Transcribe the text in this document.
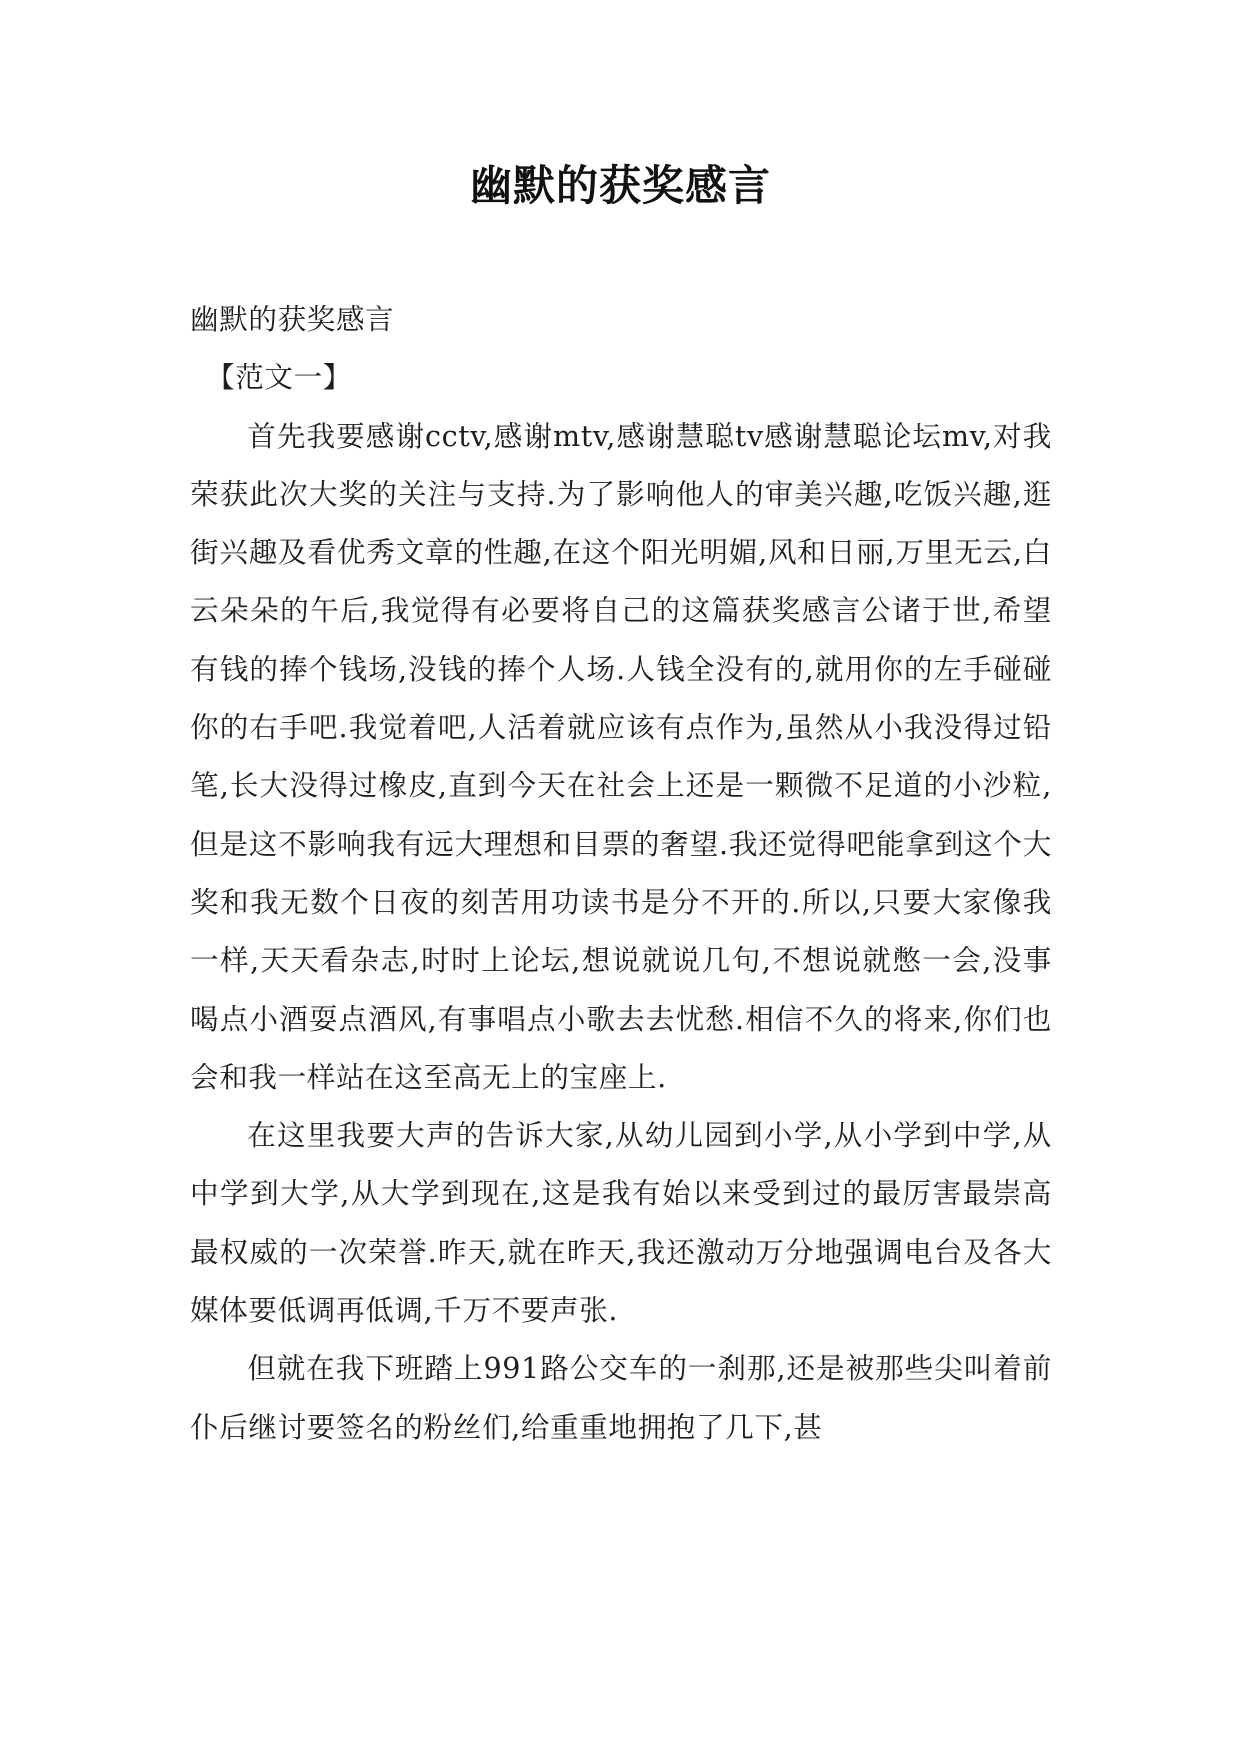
幽默的获奖感言

幽默的获奖感言

【范文一】

首先我要感谢cctv,感谢mtv,感谢慧聪tv感谢慧聪论坛mv,对我荣获此次大奖的关注与支持.为了影响他人的审美兴趣,吃饭兴趣,逛街兴趣及看优秀文章的性趣,在这个阳光明媚,风和日丽,万里无云,白云朵朵的午后,我觉得有必要将自己的这篇获奖感言公诸于世,希望有钱的捧个钱场,没钱的捧个人场.人钱全没有的,就用你的左手碰碰你的右手吧.我觉着吧,人活着就应该有点作为,虽然从小我没得过铅笔,长大没得过橡皮,直到今天在社会上还是一颗微不足道的小沙粒,但是这不影响我有远大理想和目票的奢望.我还觉得吧能拿到这个大奖和我无数个日夜的刻苦用功读书是分不开的.所以,只要大家像我一样,天天看杂志,时时上论坛,想说就说几句,不想说就憋一会,没事喝点小酒耍点酒风,有事唱点小歌去去忧愁.相信不久的将来,你们也会和我一样站在这至高无上的宝座上.

在这里我要大声的告诉大家,从幼儿园到小学,从小学到中学,从中学到大学,从大学到现在,这是我有始以来受到过的最厉害最崇高最权威的一次荣誉.昨天,就在昨天,我还激动万分地强调电台及各大媒体要低调再低调,千万不要声张.

但就在我下班踏上991路公交车的一刹那,还是被那些尖叫着前仆后继讨要签名的粉丝们,给重重地拥抱了几下,甚
